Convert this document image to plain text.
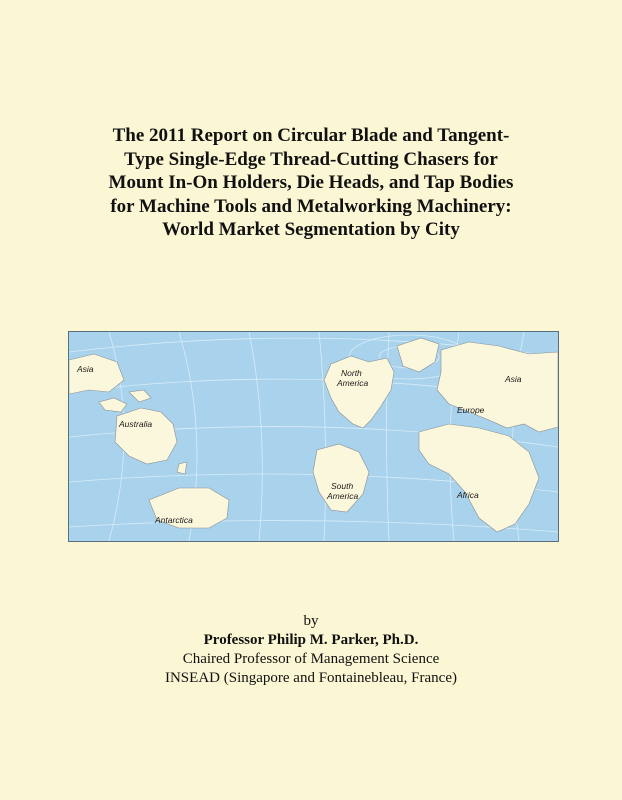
The 2011 Report on Circular Blade and Tangent-
Type Single-Edge Thread-Cutting Chasers for
Mount In-On Holders, Die Heads, and Tap Bodies
for Machine Tools and Metalworking Machinery:
World Market Segmentation by City
Asia	North
America	Asia
Australia
Europe
South
America	Africa
Antarctica
by
Professor Philip M. Parker, Ph.D.
Chaired Professor of Management Science
INSEAD (Singapore and Fontainebleau, France)
